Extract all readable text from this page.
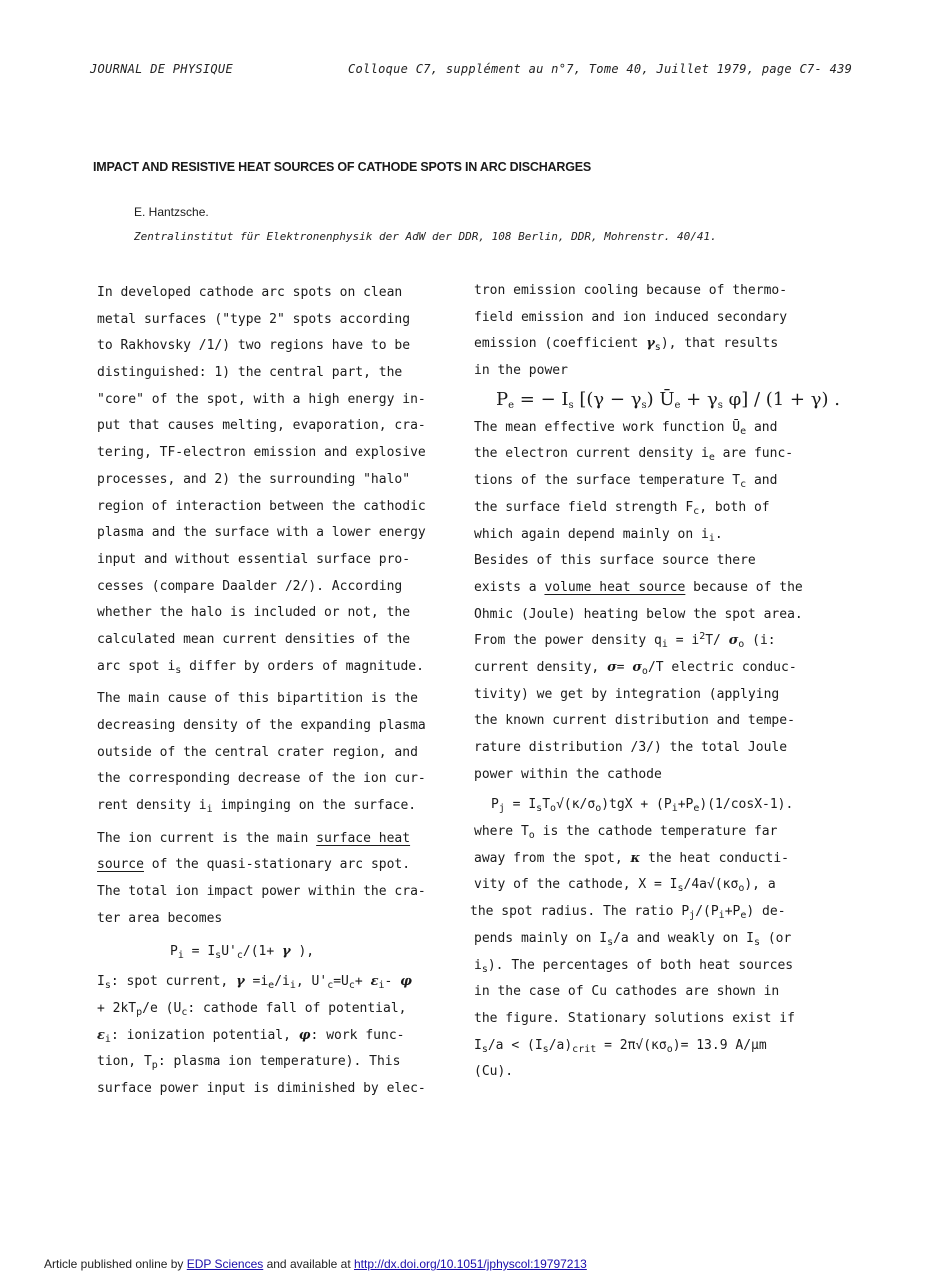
JOURNAL DE PHYSIQUE	Colloque C7, supplément au n°7, Tome 40, Juillet 1979, page C7- 439
IMPACT AND RESISTIVE HEAT SOURCES OF CATHODE SPOTS IN ARC DISCHARGES
E. Hantzsche.
Zentralinstitut für Elektronenphysik der AdW der DDR, 108 Berlin, DDR, Mohrenstr. 40/41.
In developed cathode arc spots on clean
metal surfaces ("type 2" spots according
to Rakhovsky /1/) two regions have to be
distinguished: 1) the central part, the
"core" of the spot, with a high energy in-
put that causes melting, evaporation, cra-
tering, TF-electron emission and explosive
processes, and 2) the surrounding "halo"
region of interaction between the cathodic
plasma and the surface with a lower energy
input and without essential surface pro-
cesses (compare Daalder /2/). According
whether the halo is included or not, the
calculated mean current densities of the
arc spot $i_s$ differ by orders of magnitude.
The main cause of this bipartition is the
decreasing density of the expanding plasma
outside of the central crater region, and
the corresponding decrease of the ion cur-
rent density $i_i$ impinging on the surface.
The ion current is the main surface heat
source of the quasi-stationary arc spot.
The total ion impact power within the cra-
ter area becomes
$P_i = I_sU'_c/(1+ \gamma$ ),
$I_s$: spot current, $\gamma =i_e/i_i$, $U'_c=U_c+ \varepsilon_i-$ φ
+ $2kT_p/e$ ($U_c$: cathode fall of potential,
$\varepsilon_i$: ionization potential, φ: work func-
tion, $T_p$: plasma ion temperature). This
surface power input is diminished by elec-
tron emission cooling because of thermo-
field emission and ion induced secondary
emission (coefficient $\gamma_s$), that results
in the power
$P_e$ = − $I_s$ [$(\gamma - \gamma_s)$ $Ū_e + \gamma_s$ φ] / (1 + γ) .
The mean effective work function $Ū_e$ and
the electron current density $i_e$ are func-
tions of the surface temperature $T_c$ and
the surface field strength $F_c$, both of
which again depend mainly on $i_i$.
Besides of this surface source there
exists a volume heat source because of the
Ohmic (Joule) heating below the spot area.
From the power density $q_i = i^2T/$ $\sigma_o$ (i:
current density, $\sigma= \sigma_o/T$ electric conduc-
tivity) we get by integration (applying
the known current distribution and tempe-
rature distribution /3/) the total Joule
power within the cathode
$P_j = I_sT_o√(\kappa/\sigma_o)tgX + (P_i+P_e)(1/\cos X-1)$.
where $T_o$ is the cathode temperature far
away from the spot, κ the heat conducti-
vity of the cathode, $X = I_s/4a√(\kappa\sigma_o)$, a
the spot radius. The ratio $P_j/(P_i+P_e)$ de-
pends mainly on $I_s/a$ and weakly on $I_s$ (or
$i_s$). The percentages of both heat sources
in the case of Cu cathodes are shown in
the figure. Stationary solutions exist if
$I_s/a < (I_s/a)_{crit} = 2\pi√(\kappa\sigma_o)= 13.9$ A/μm
(Cu).
Article published online by EDP Sciences and available at http://dx.doi.org/10.1051/jphyscol:19797213
